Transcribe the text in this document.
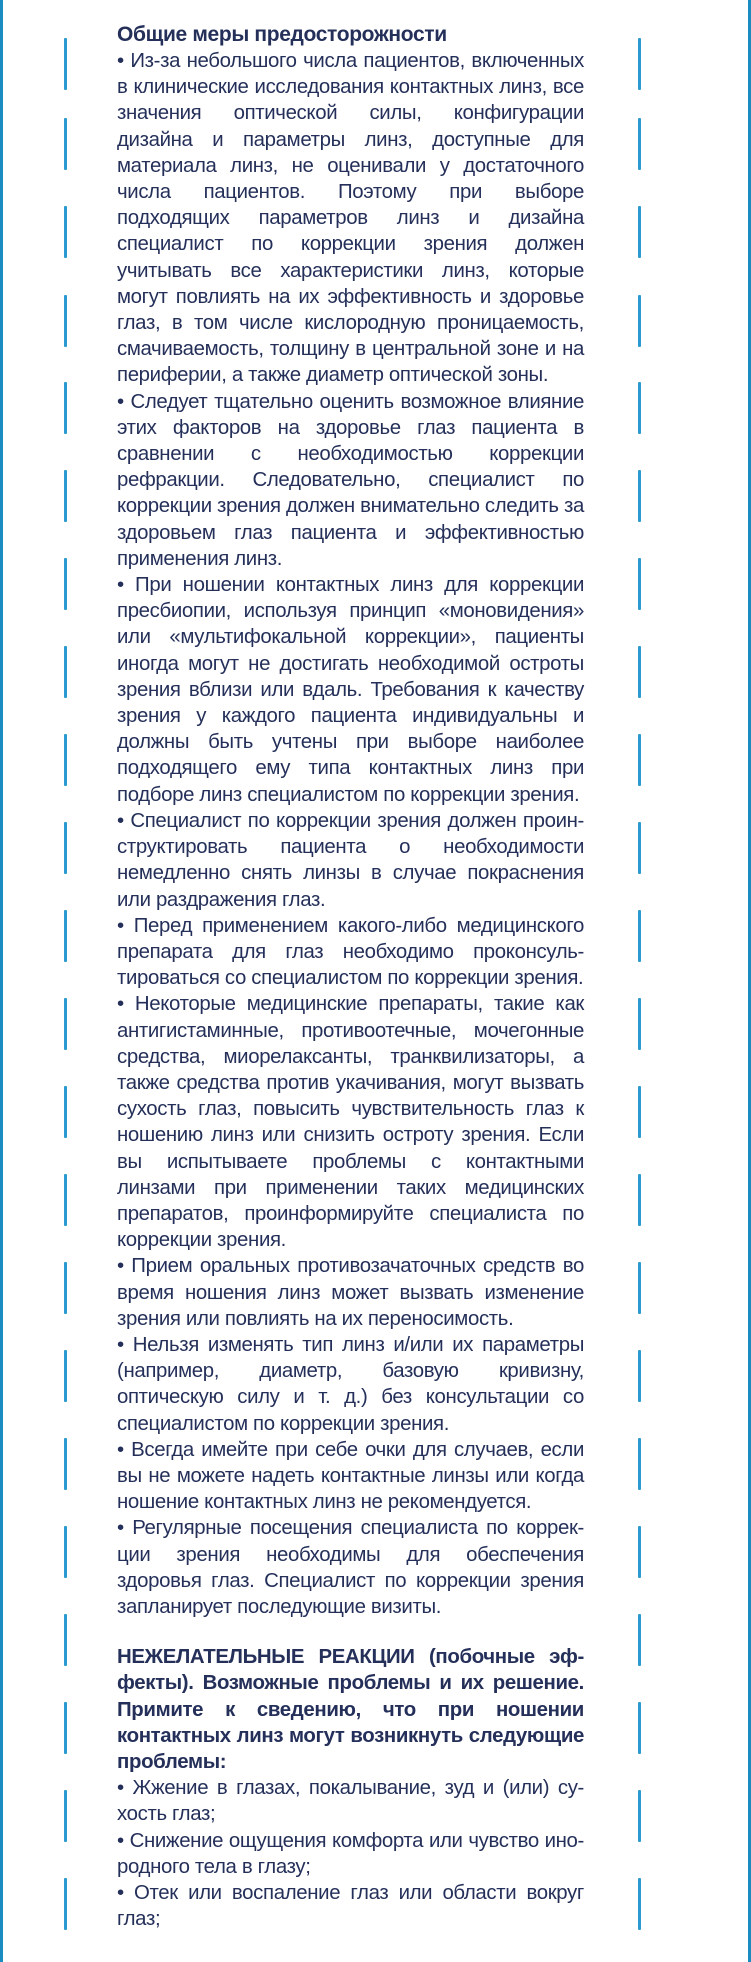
Общие меры предосторожности

• Из-за небольшого числа пациентов, включенных в клинические исследования контактных линз, все значения оптической силы, конфигурации дизайна и параметры линз, доступные для материала линз, не оценивали у достаточного числа пациентов. Поэтому при выборе подходящих параметров линз и дизайна специалист по коррекции зрения должен учитывать все характеристики линз, которые могут повлиять на их эффективность и здоровье глаз, в том числе кислородную проницаемость, смачиваемость, толщину в центральной зоне и на периферии, а также диаметр оптической зоны.

• Следует тщательно оценить возможное влияние этих факторов на здоровье глаз пациента в сравнении с необходимостью коррекции рефракции. Следовательно, специалист по коррекции зрения должен внимательно следить за здоровьем глаз пациента и эффективностью применения линз.

• При ношении контактных линз для коррекции пресбиопии, используя принцип «моновидения» или «мультифокальной коррекции», пациенты иногда могут не достигать необходимой остроты зрения вблизи или вдаль. Требования к качеству зрения у каждого пациента индивидуальны и должны быть учтены при выборе наиболее подходящего ему типа контактных линз при подборе линз специалистом по коррекции зрения.

• Специалист по коррекции зрения должен проин-структировать пациента о необходимости немедленно снять линзы в случае покраснения или раздражения глаз.

• Перед применением какого-либо медицинского препарата для глаз необходимо проконсуль-тироваться со специалистом по коррекции зрения.

• Некоторые медицинские препараты, такие как антигистаминные, противоотечные, мочегонные средства, миорелаксанты, транквилизаторы, а также средства против укачивания, могут вызвать сухость глаз, повысить чувствительность глаз к ношению линз или снизить остроту зрения. Если вы испытываете проблемы с контактными линзами при применении таких медицинских препаратов, проинформируйте специалиста по коррекции зрения.

• Прием оральных противозачаточных средств во время ношения линз может вызвать изменение зрения или повлиять на их переносимость.

• Нельзя изменять тип линз и/или их параметры (например, диаметр, базовую кривизну, оптическую силу и т. д.) без консультации со специалистом по коррекции зрения.

• Всегда имейте при себе очки для случаев, если вы не можете надеть контактные линзы или когда ношение контактных линз не рекомендуется.

• Регулярные посещения специалиста по коррек-ции зрения необходимы для обеспечения здоровья глаз. Специалист по коррекции зрения запланирует последующие визиты.

НЕЖЕЛАТЕЛЬНЫЕ РЕАКЦИИ (побочные эф-фекты). Возможные проблемы и их решение. Примите к сведению, что при ношении контактных линз могут возникнуть следующие проблемы:

• Жжение в глазах, покалывание, зуд и (или) су-хость глаз;

• Снижение ощущения комфорта или чувство ино-родного тела в глазу;

• Отек или воспаление глаз или области вокруг глаз;
